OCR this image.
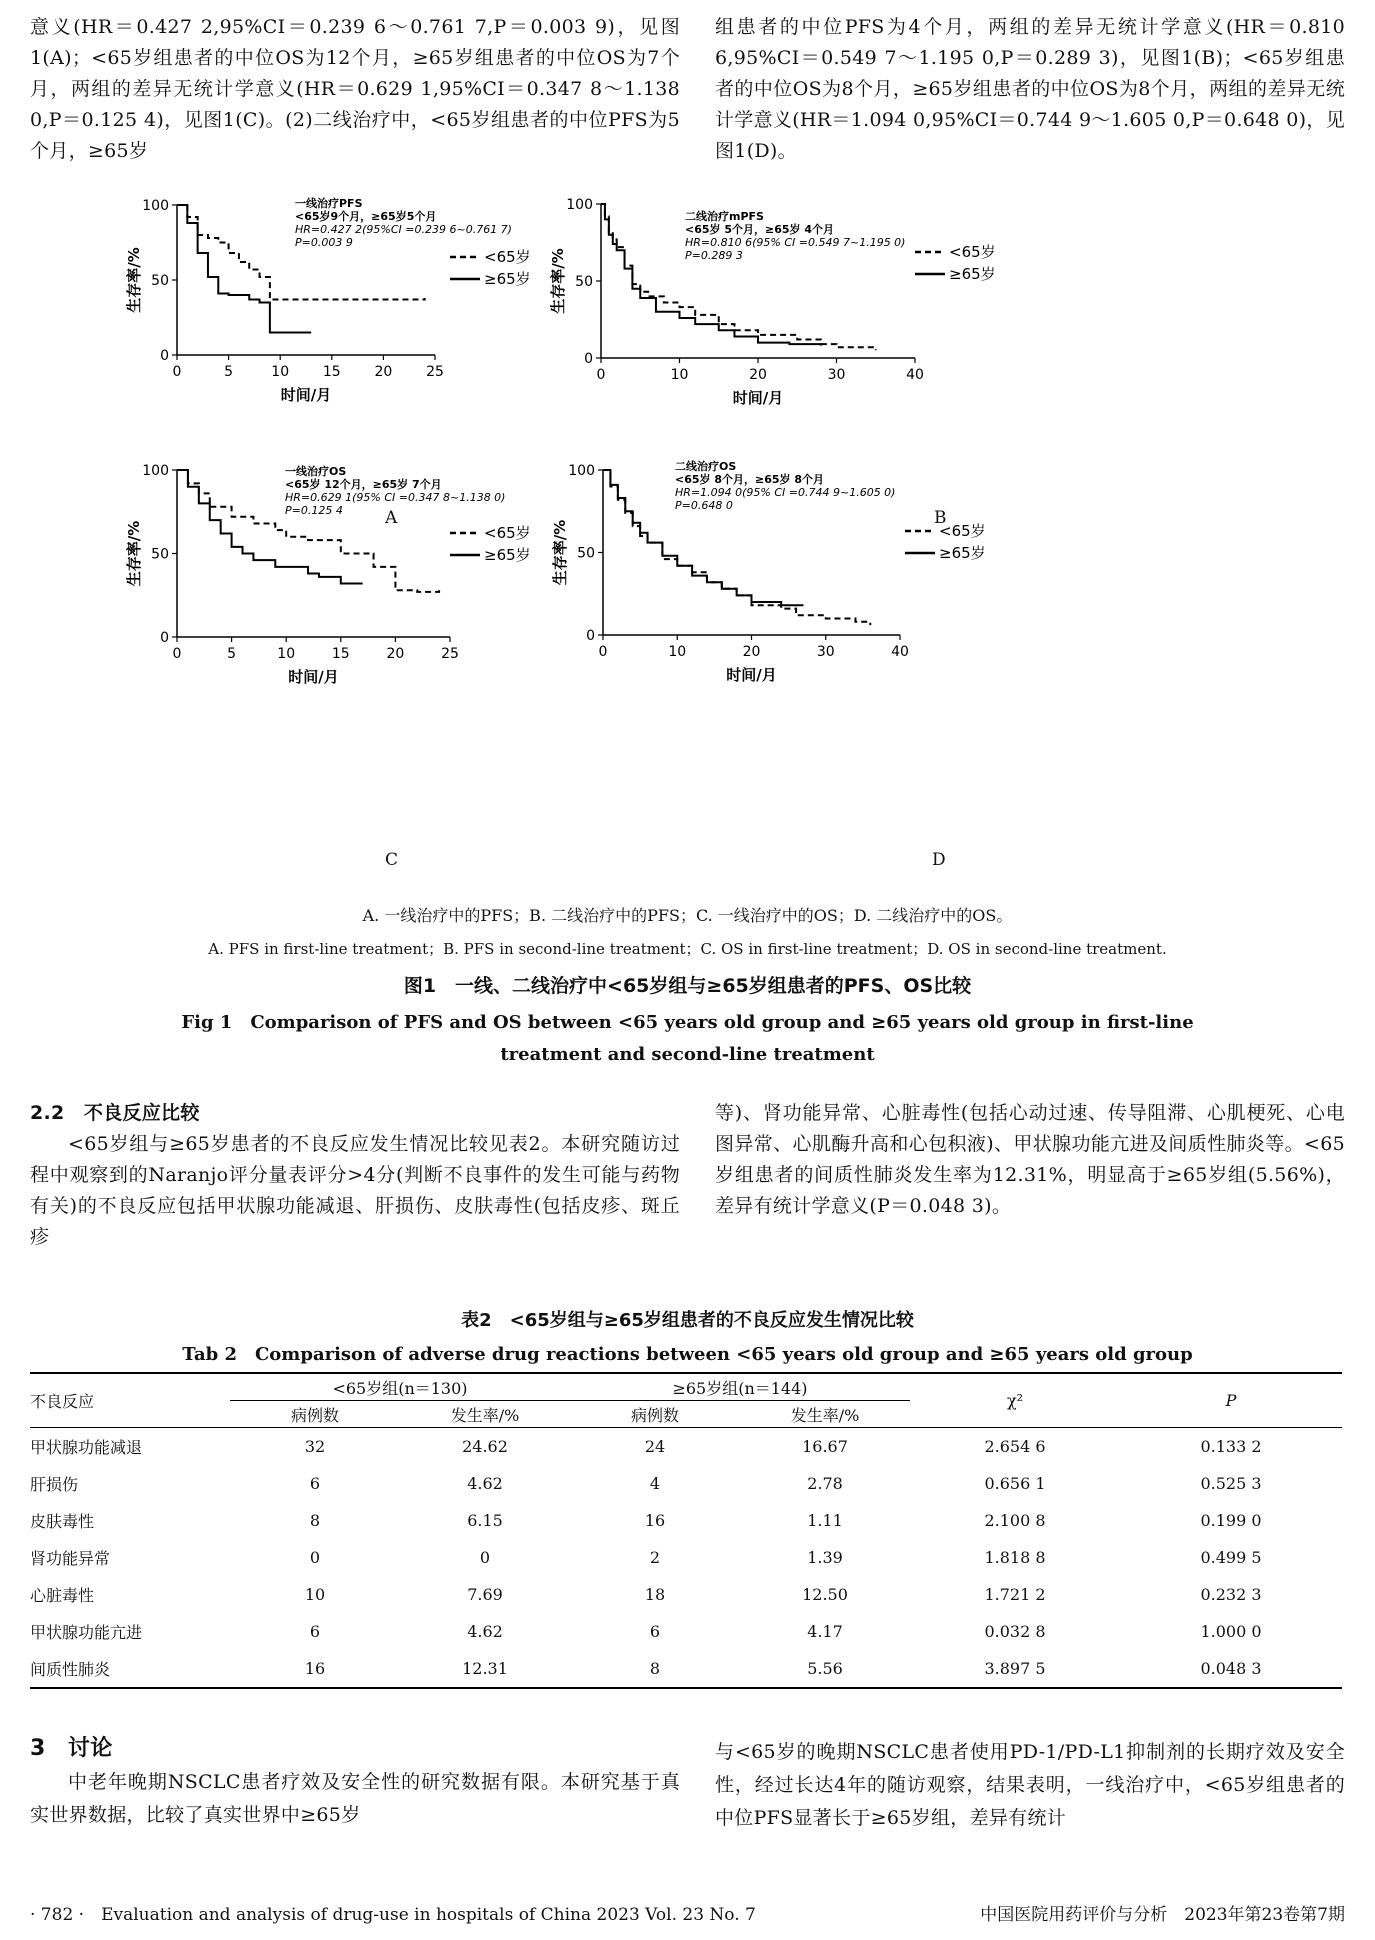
意义(HR＝0.427 2,95%CI＝0.239 6～0.761 7,P＝0.003 9)，见图1(A)；<65岁组患者的中位OS为12个月，≥65岁组患者的中位OS为7个月，两组的差异无统计学意义(HR＝0.629 1,95%CI＝0.347 8～1.138 0,P＝0.125 4)，见图1(C)。(2)二线治疗中，<65岁组患者的中位PFS为5个月，≥65岁

组患者的中位PFS为4个月，两组的差异无统计学意义(HR＝0.810 6,95%CI＝0.549 7～1.195 0,P＝0.289 3)，见图1(B)；<65岁组患者的中位OS为8个月，≥65岁组患者的中位OS为8个月，两组的差异无统计学意义(HR＝1.094 0,95%CI＝0.744 9～1.605 0,P＝0.648 0)，见图1(D)。

0	5	10 15 20 25
0
50
100
时间/月
生存率/%
一线治疗PFS
<65岁9个月，≥65岁5个月
HR=0.427 2(95%CI =0.239 6~0.761 7)
P=0.003 9
<65岁
≥65岁
0	10	20	30	40
0
50
100
时间/月
生存率/%
二线治疗mPFS
<65岁 5个月，≥65岁 4个月
HR=0.810 6(95% CI =0.549 7~1.195 0)
P=0.289 3	<65岁
≥65岁
0	5	10	15	20	25
0
50
100
时间/月
生存率/%
一线治疗OS
<65岁 12个月，≥65岁 7个月
HR=0.629 1(95% CI =0.347 8~1.138 0)
P=0.125 4
<65岁
≥65岁
0	10	20	30	40
0
50
100
时间/月
生存率/%
二线治疗OS
<65岁 8个月，≥65岁 8个月
HR=1.094 0(95% CI =0.744 9~1.605 0)
P=0.648 0
<65岁
≥65岁
A	B
C	D
A. 一线治疗中的PFS；B. 二线治疗中的PFS；C. 一线治疗中的OS；D. 二线治疗中的OS。
A. PFS in first-line treatment；B. PFS in second-line treatment；C. OS in first-line treatment；D. OS in second-line treatment.
图1　一线、二线治疗中<65岁组与≥65岁组患者的PFS、OS比较
Fig 1　Comparison of PFS and OS between <65 years old group and ≥65 years old group in first-line
treatment and second-line treatment

2.2　不良反应比较

<65岁组与≥65岁患者的不良反应发生情况比较见表2。本研究随访过程中观察到的Naranjo评分量表评分>4分(判断不良事件的发生可能与药物有关)的不良反应包括甲状腺功能减退、肝损伤、皮肤毒性(包括皮疹、斑丘疹

等)、肾功能异常、心脏毒性(包括心动过速、传导阻滞、心肌梗死、心电图异常、心肌酶升高和心包积液)、甲状腺功能亢进及间质性肺炎等。<65岁组患者的间质性肺炎发生率为12.31%，明显高于≥65岁组(5.56%)，差异有统计学意义(P＝0.048 3)。

表2　<65岁组与≥65岁组患者的不良反应发生情况比较
Tab 2　Comparison of adverse drug reactions between <65 years old group and ≥65 years old group
不良反应	<65岁组(n＝130)		≥65岁组(n＝144)		χ²	P
	病例数	发生率/%	病例数	发生率/%		
甲状腺功能减退	32	24.62	24	16.67	2.654 6	0.133 2
肝损伤	6	4.62	4	2.78	0.656 1	0.525 3
皮肤毒性	8	6.15	16	1.11	2.100 8	0.199 0
肾功能异常	0	0	2	1.39	1.818 8	0.499 5
心脏毒性	10	7.69	18	12.50	1.721 2	0.232 3
甲状腺功能亢进	6	4.62	6	4.17	0.032 8	1.000 0
间质性肺炎	16	12.31	8	5.56	3.897 5	0.048 3

3　讨论

中老年晚期NSCLC患者疗效及安全性的研究数据有限。本研究基于真实世界数据，比较了真实世界中≥65岁

与<65岁的晚期NSCLC患者使用PD-1/PD-L1抑制剂的长期疗效及安全性，经过长达4年的随访观察，结果表明，一线治疗中，<65岁组患者的中位PFS显著长于≥65岁组，差异有统计

· 782 ·　Evaluation and analysis of drug-use in hospitals of China 2023 Vol. 23 No. 7	中国医院用药评价与分析　2023年第23卷第7期
